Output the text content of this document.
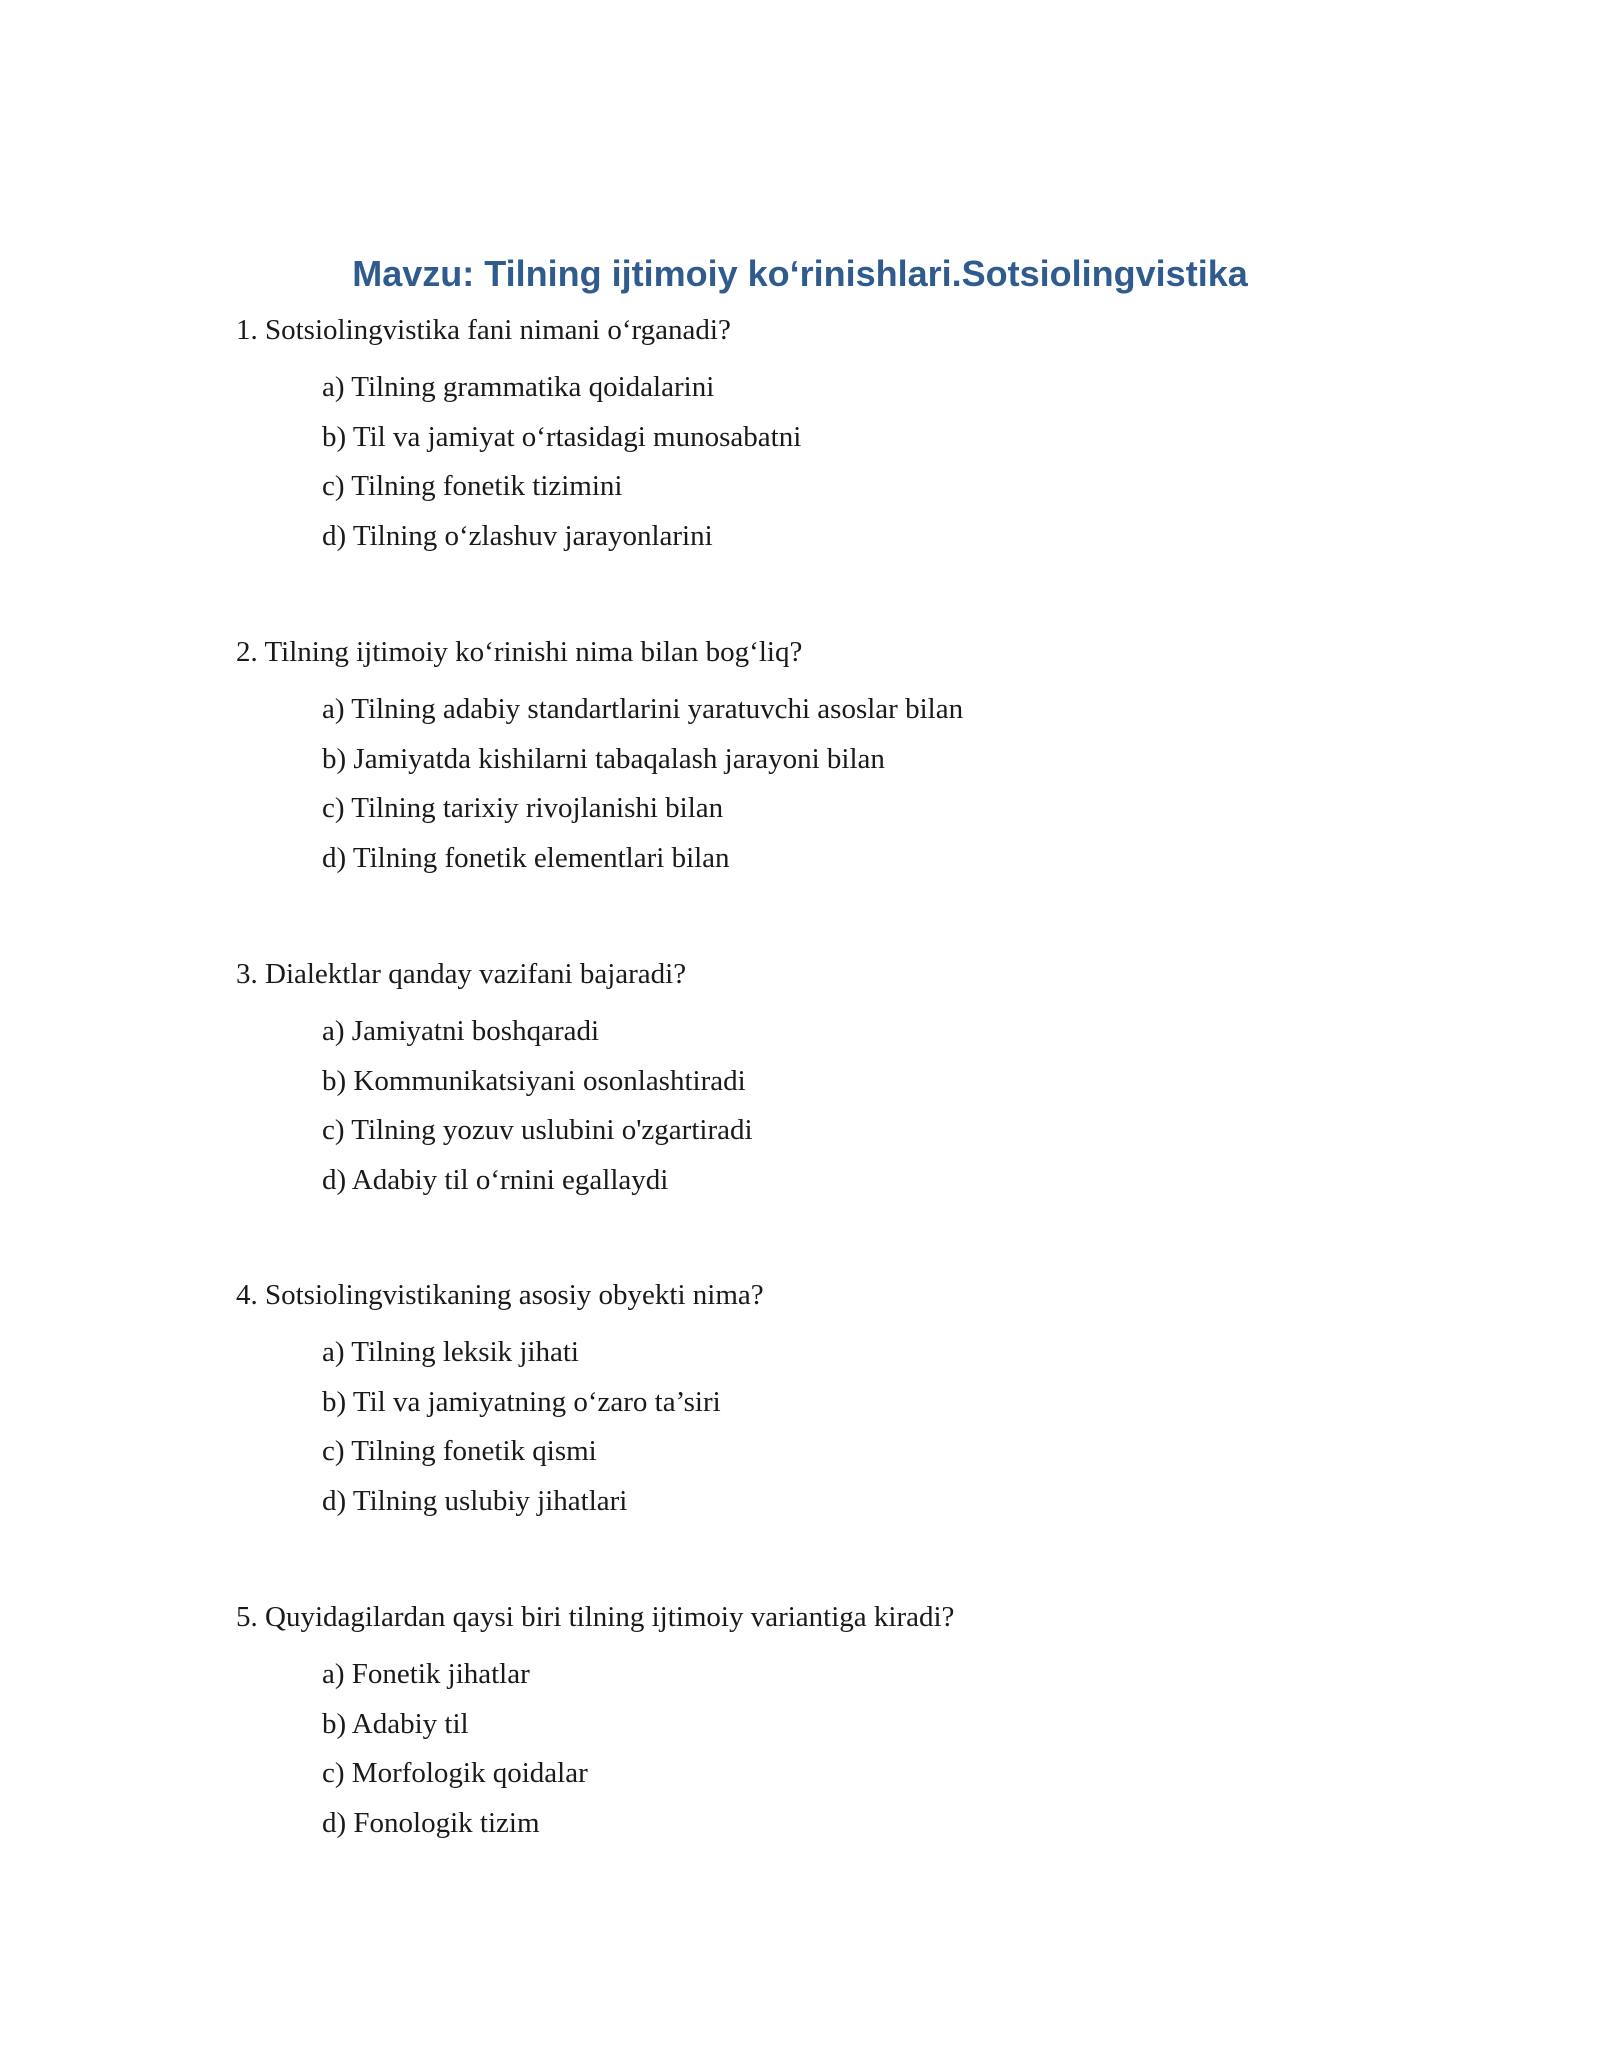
Mavzu: Tilning ijtimoiy koʻrinishlari.Sotsiolingvistika

1. Sotsiolingvistika fani nimani oʻrganadi?

a) Tilning grammatika qoidalarini
b) Til va jamiyat oʻrtasidagi munosabatni
c) Tilning fonetik tizimini
d) Tilning oʻzlashuv jarayonlarini

2. Tilning ijtimoiy koʻrinishi nima bilan bogʻliq?

a) Tilning adabiy standartlarini yaratuvchi asoslar bilan
b) Jamiyatda kishilarni tabaqalash jarayoni bilan
c) Tilning tarixiy rivojlanishi bilan
d) Tilning fonetik elementlari bilan

3. Dialektlar qanday vazifani bajaradi?

a) Jamiyatni boshqaradi
b) Kommunikatsiyani osonlashtiradi
c) Tilning yozuv uslubini o'zgartiradi
d) Adabiy til oʻrnini egallaydi

4. Sotsiolingvistikaning asosiy obyekti nima?

a) Tilning leksik jihati
b) Til va jamiyatning oʻzaro ta’siri
c) Tilning fonetik qismi
d) Tilning uslubiy jihatlari

5. Quyidagilardan qaysi biri tilning ijtimoiy variantiga kiradi?

a) Fonetik jihatlar
b) Adabiy til
c) Morfologik qoidalar
d) Fonologik tizim
